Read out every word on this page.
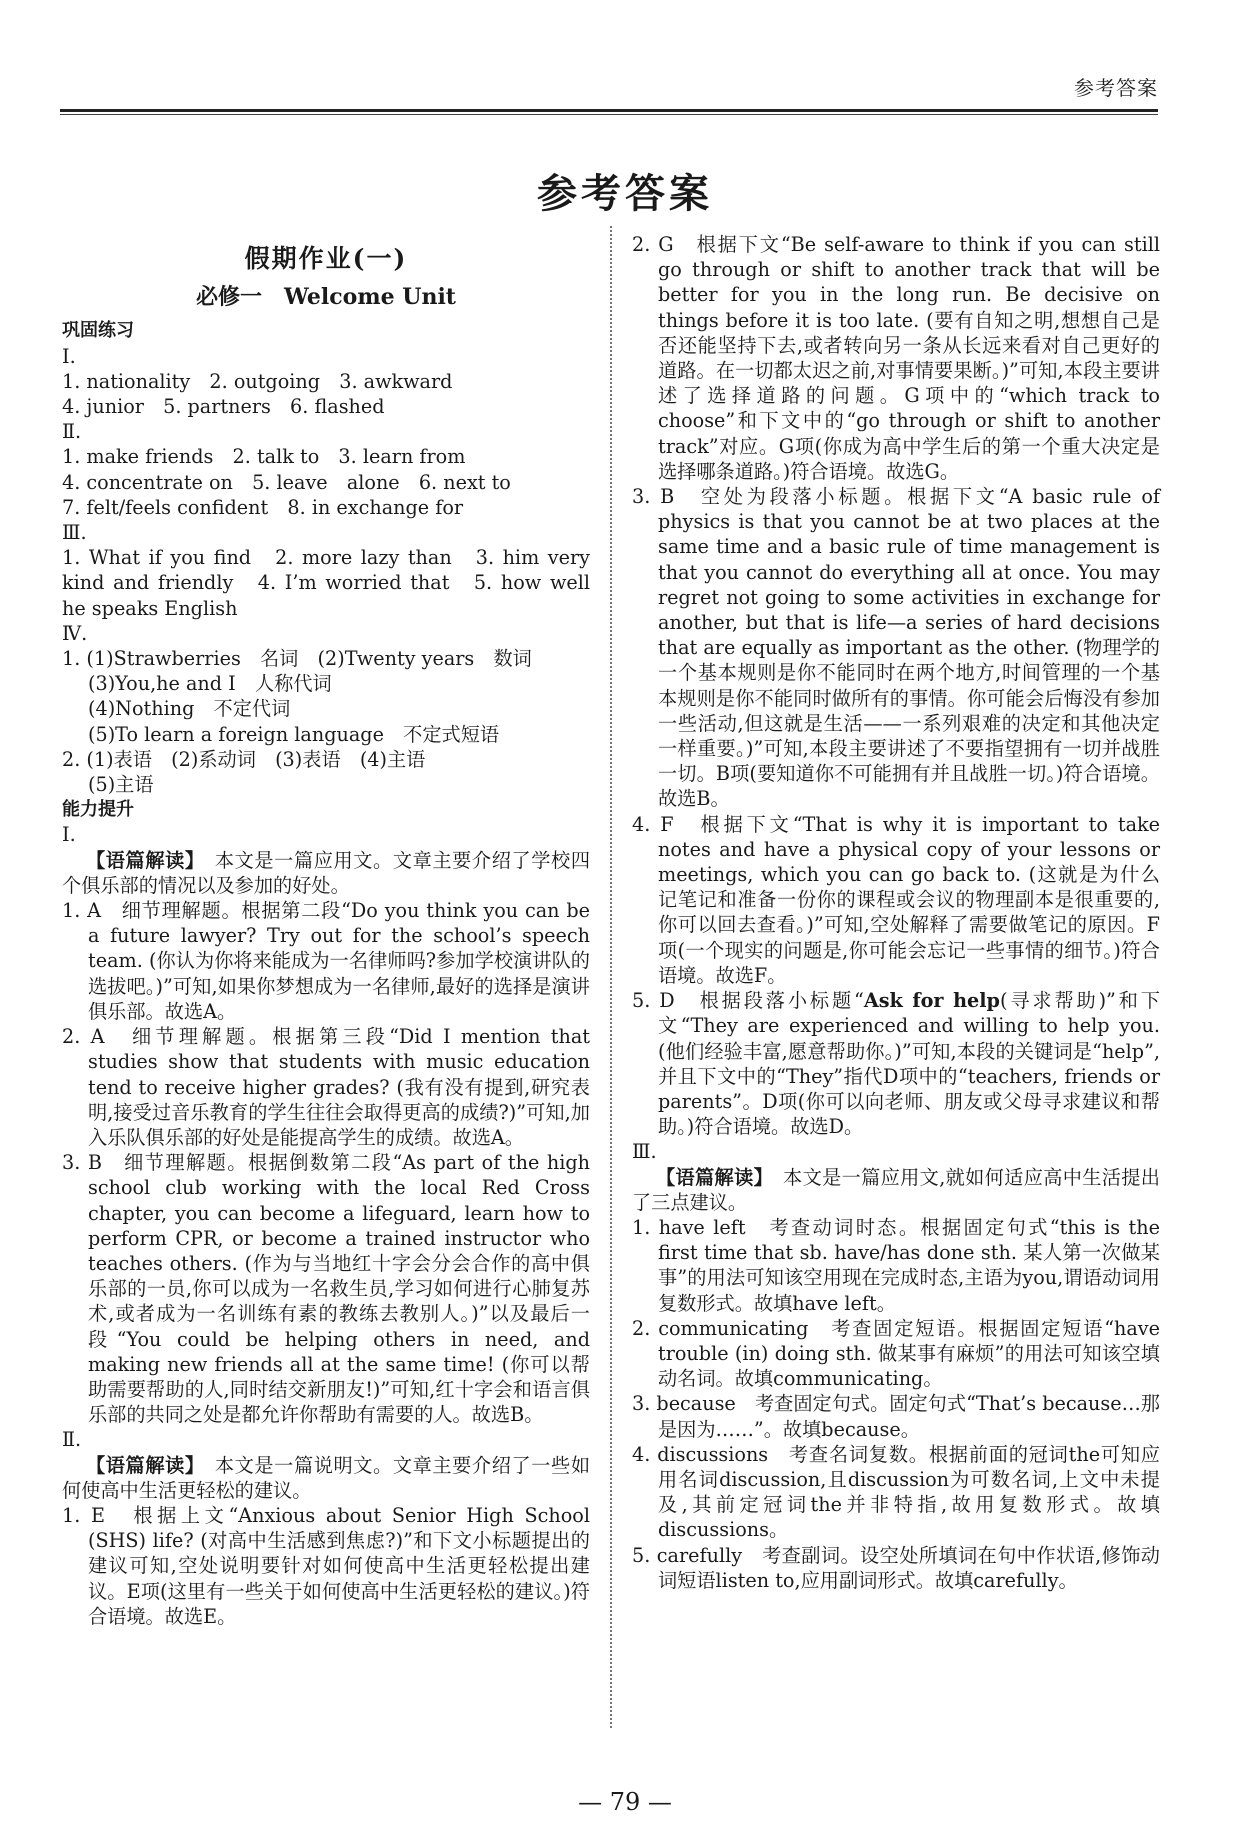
参考答案
参考答案
假期作业(一)
必修一　Welcome Unit
巩固练习

Ⅰ.

1. nationality　2. outgoing　3. awkward

4. junior　5. partners　6. flashed

Ⅱ.

1. make friends　2. talk to　3. learn from

4. concentrate on　5. leave　alone　6. next to

7. felt/feels confident　8. in exchange for

Ⅲ.

1. What if you find　2. more lazy than　3. him very kind and friendly　4. I’m worried that　5. how well he speaks English

Ⅳ.

1. (1)Strawberries　名词　(2)Twenty years　数词

(3)You,he and I　人称代词

(4)Nothing　不定代词

(5)To learn a foreign language　不定式短语

2. (1)表语　(2)系动词　(3)表语　(4)主语

(5)主语

能力提升

Ⅰ.

【语篇解读】　 本文是一篇应用文。文章主要介绍了学校四个俱乐部的情况以及参加的好处。

1. A　细节理解题。根据第二段“Do you think you can be a future lawyer? Try out for the school’s speech team. (你认为你将来能成为一名律师吗?参加学校演讲队的选拔吧。)”可知,如果你梦想成为一名律师,最好的选择是演讲俱乐部。故选A。

2. A　细节理解题。根据第三段“Did I mention that studies show that students with music education tend to receive higher grades? (我有没有提到,研究表明,接受过音乐教育的学生往往会取得更高的成绩?)”可知,加入乐队俱乐部的好处是能提高学生的成绩。故选A。

3. B　细节理解题。根据倒数第二段“As part of the high school club working with the local Red Cross chapter, you can become a lifeguard, learn how to perform CPR, or become a trained instructor who teaches others. (作为与当地红十字会分会合作的高中俱乐部的一员,你可以成为一名救生员,学习如何进行心肺复苏术,或者成为一名训练有素的教练去教别人。)”以及最后一段“You could be helping others in need, and making new friends all at the same time! (你可以帮助需要帮助的人,同时结交新朋友!)”可知,红十字会和语言俱乐部的共同之处是都允许你帮助有需要的人。故选B。

Ⅱ.

【语篇解读】　 本文是一篇说明文。文章主要介绍了一些如何使高中生活更轻松的建议。

1. E　根据上文“Anxious about Senior High School (SHS) life? (对高中生活感到焦虑?)”和下文小标题提出的建议可知,空处说明要针对如何使高中生活更轻松提出建议。E项(这里有一些关于如何使高中生活更轻松的建议。)符合语境。故选E。

2. G　根据下文“Be self-aware to think if you can still go through or shift to another track that will be better for you in the long run. Be decisive on things before it is too late. (要有自知之明,想想自己是否还能坚持下去,或者转向另一条从长远来看对自己更好的道路。在一切都太迟之前,对事情要果断。)”可知,本段主要讲述了选择道路的问题。G项中的“which track to choose”和下文中的“go through or shift to another track”对应。G项(你成为高中学生后的第一个重大决定是选择哪条道路。)符合语境。故选G。

3. B　空处为段落小标题。根据下文“A basic rule of physics is that you cannot be at two places at the same time and a basic rule of time management is that you cannot do everything all at once. You may regret not going to some activities in exchange for another, but that is life—a series of hard decisions that are equally as important as the other. (物理学的一个基本规则是你不能同时在两个地方,时间管理的一个基本规则是你不能同时做所有的事情。你可能会后悔没有参加一些活动,但这就是生活——一系列艰难的决定和其他决定一样重要。)”可知,本段主要讲述了不要指望拥有一切并战胜一切。B项(要知道你不可能拥有并且战胜一切。)符合语境。故选B。

4. F　根据下文“That is why it is important to take notes and have a physical copy of your lessons or meetings, which you can go back to. (这就是为什么记笔记和准备一份你的课程或会议的物理副本是很重要的,你可以回去查看。)”可知,空处解释了需要做笔记的原因。F项(一个现实的问题是,你可能会忘记一些事情的细节。)符合语境。故选F。

5. D　根据段落小标题“Ask for help(寻求帮助)”和下文“They are experienced and willing to help you. (他们经验丰富,愿意帮助你。)”可知,本段的关键词是“help”,并且下文中的“They”指代D项中的“teachers, friends or parents”。D项(你可以向老师、朋友或父母寻求建议和帮助。)符合语境。故选D。

Ⅲ.

【语篇解读】　 本文是一篇应用文,就如何适应高中生活提出了三点建议。

1. have left　考查动词时态。根据固定句式“this is the first time that sb. have/has done sth. 某人第一次做某事”的用法可知该空用现在完成时态,主语为you,谓语动词用复数形式。故填have left。

2. communicating　考查固定短语。根据固定短语“have trouble (in) doing sth. 做某事有麻烦”的用法可知该空填动名词。故填communicating。

3. because　考查固定句式。固定句式“That’s because…那是因为……”。故填because。

4. discussions　考查名词复数。根据前面的冠词the可知应用名词discussion,且discussion为可数名词,上文中未提及,其前定冠词the并非特指,故用复数形式。故填discussions。

5. carefully　考查副词。设空处所填词在句中作状语,修饰动词短语listen to,应用副词形式。故填carefully。

— 79 —
